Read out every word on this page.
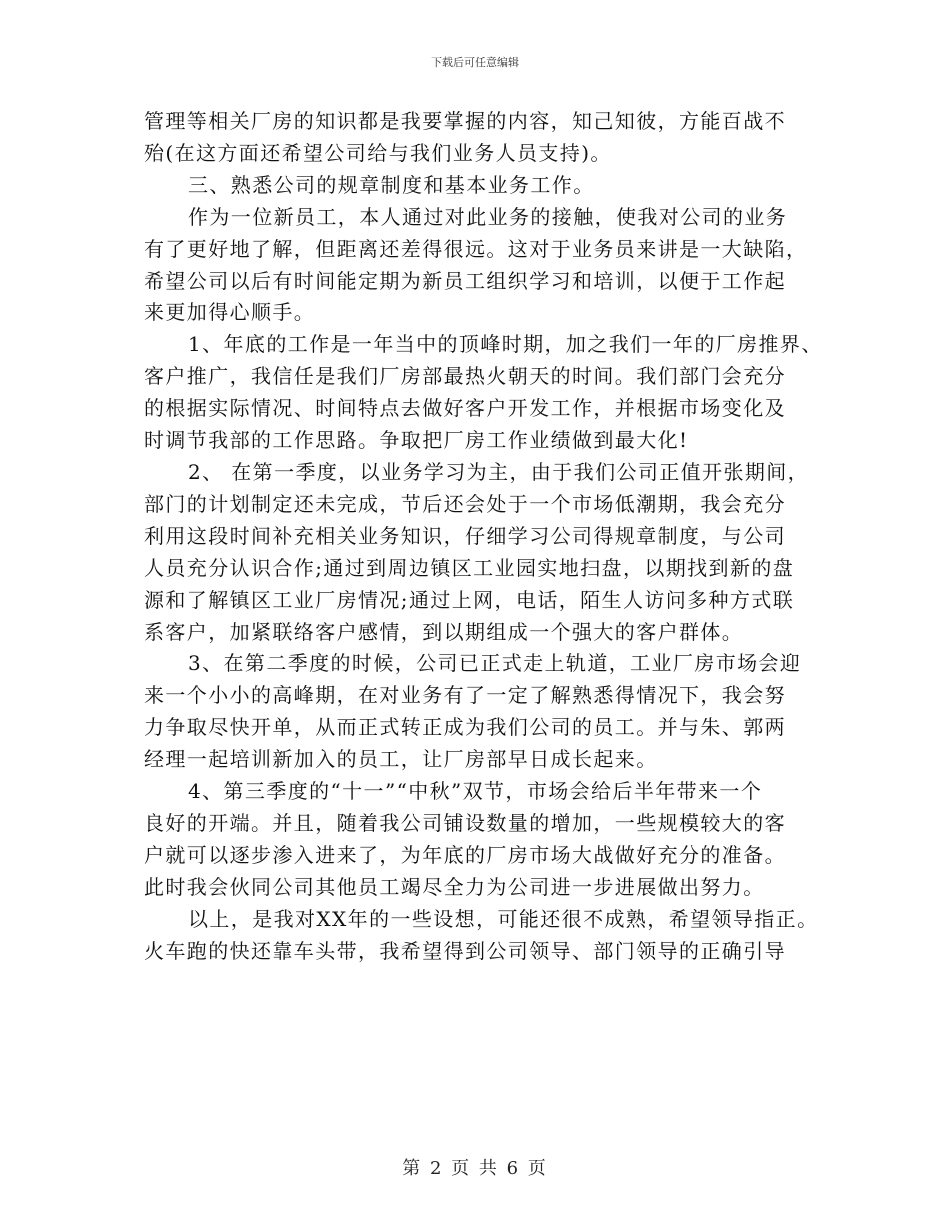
下载后可任意编辑

管理等相关厂房的知识都是我要掌握的内容，知己知彼，方能百战不

殆(在这方面还希望公司给与我们业务人员支持)。

三、熟悉公司的规章制度和基本业务工作。

作为一位新员工，本人通过对此业务的接触，使我对公司的业务

有了更好地了解，但距离还差得很远。这对于业务员来讲是一大缺陷，

希望公司以后有时间能定期为新员工组织学习和培训，以便于工作起

来更加得心顺手。

1、年底的工作是一年当中的顶峰时期，加之我们一年的厂房推界、

客户推广，我信任是我们厂房部最热火朝天的时间。我们部门会充分

的根据实际情况、时间特点去做好客户开发工作，并根据市场变化及

时调节我部的工作思路。争取把厂房工作业绩做到最大化!

2、 在第一季度，以业务学习为主，由于我们公司正值开张期间，

部门的计划制定还未完成，节后还会处于一个市场低潮期，我会充分

利用这段时间补充相关业务知识，仔细学习公司得规章制度，与公司

人员充分认识合作;通过到周边镇区工业园实地扫盘，以期找到新的盘

源和了解镇区工业厂房情况;通过上网，电话，陌生人访问多种方式联

系客户，加紧联络客户感情，到以期组成一个强大的客户群体。

3、在第二季度的时候，公司已正式走上轨道，工业厂房市场会迎

来一个小小的高峰期，在对业务有了一定了解熟悉得情况下，我会努

力争取尽快开单，从而正式转正成为我们公司的员工。并与朱、郭两

经理一起培训新加入的员工，让厂房部早日成长起来。

4、第三季度的“十一”“中秋”双节，市场会给后半年带来一个

良好的开端。并且，随着我公司铺设数量的增加，一些规模较大的客

户就可以逐步渗入进来了，为年底的厂房市场大战做好充分的准备。

此时我会伙同公司其他员工竭尽全力为公司进一步进展做出努力。

以上，是我对XX年的一些设想，可能还很不成熟，希望领导指正。

火车跑的快还靠车头带，我希望得到公司领导、部门领导的正确引导

第 2 页 共 6 页
